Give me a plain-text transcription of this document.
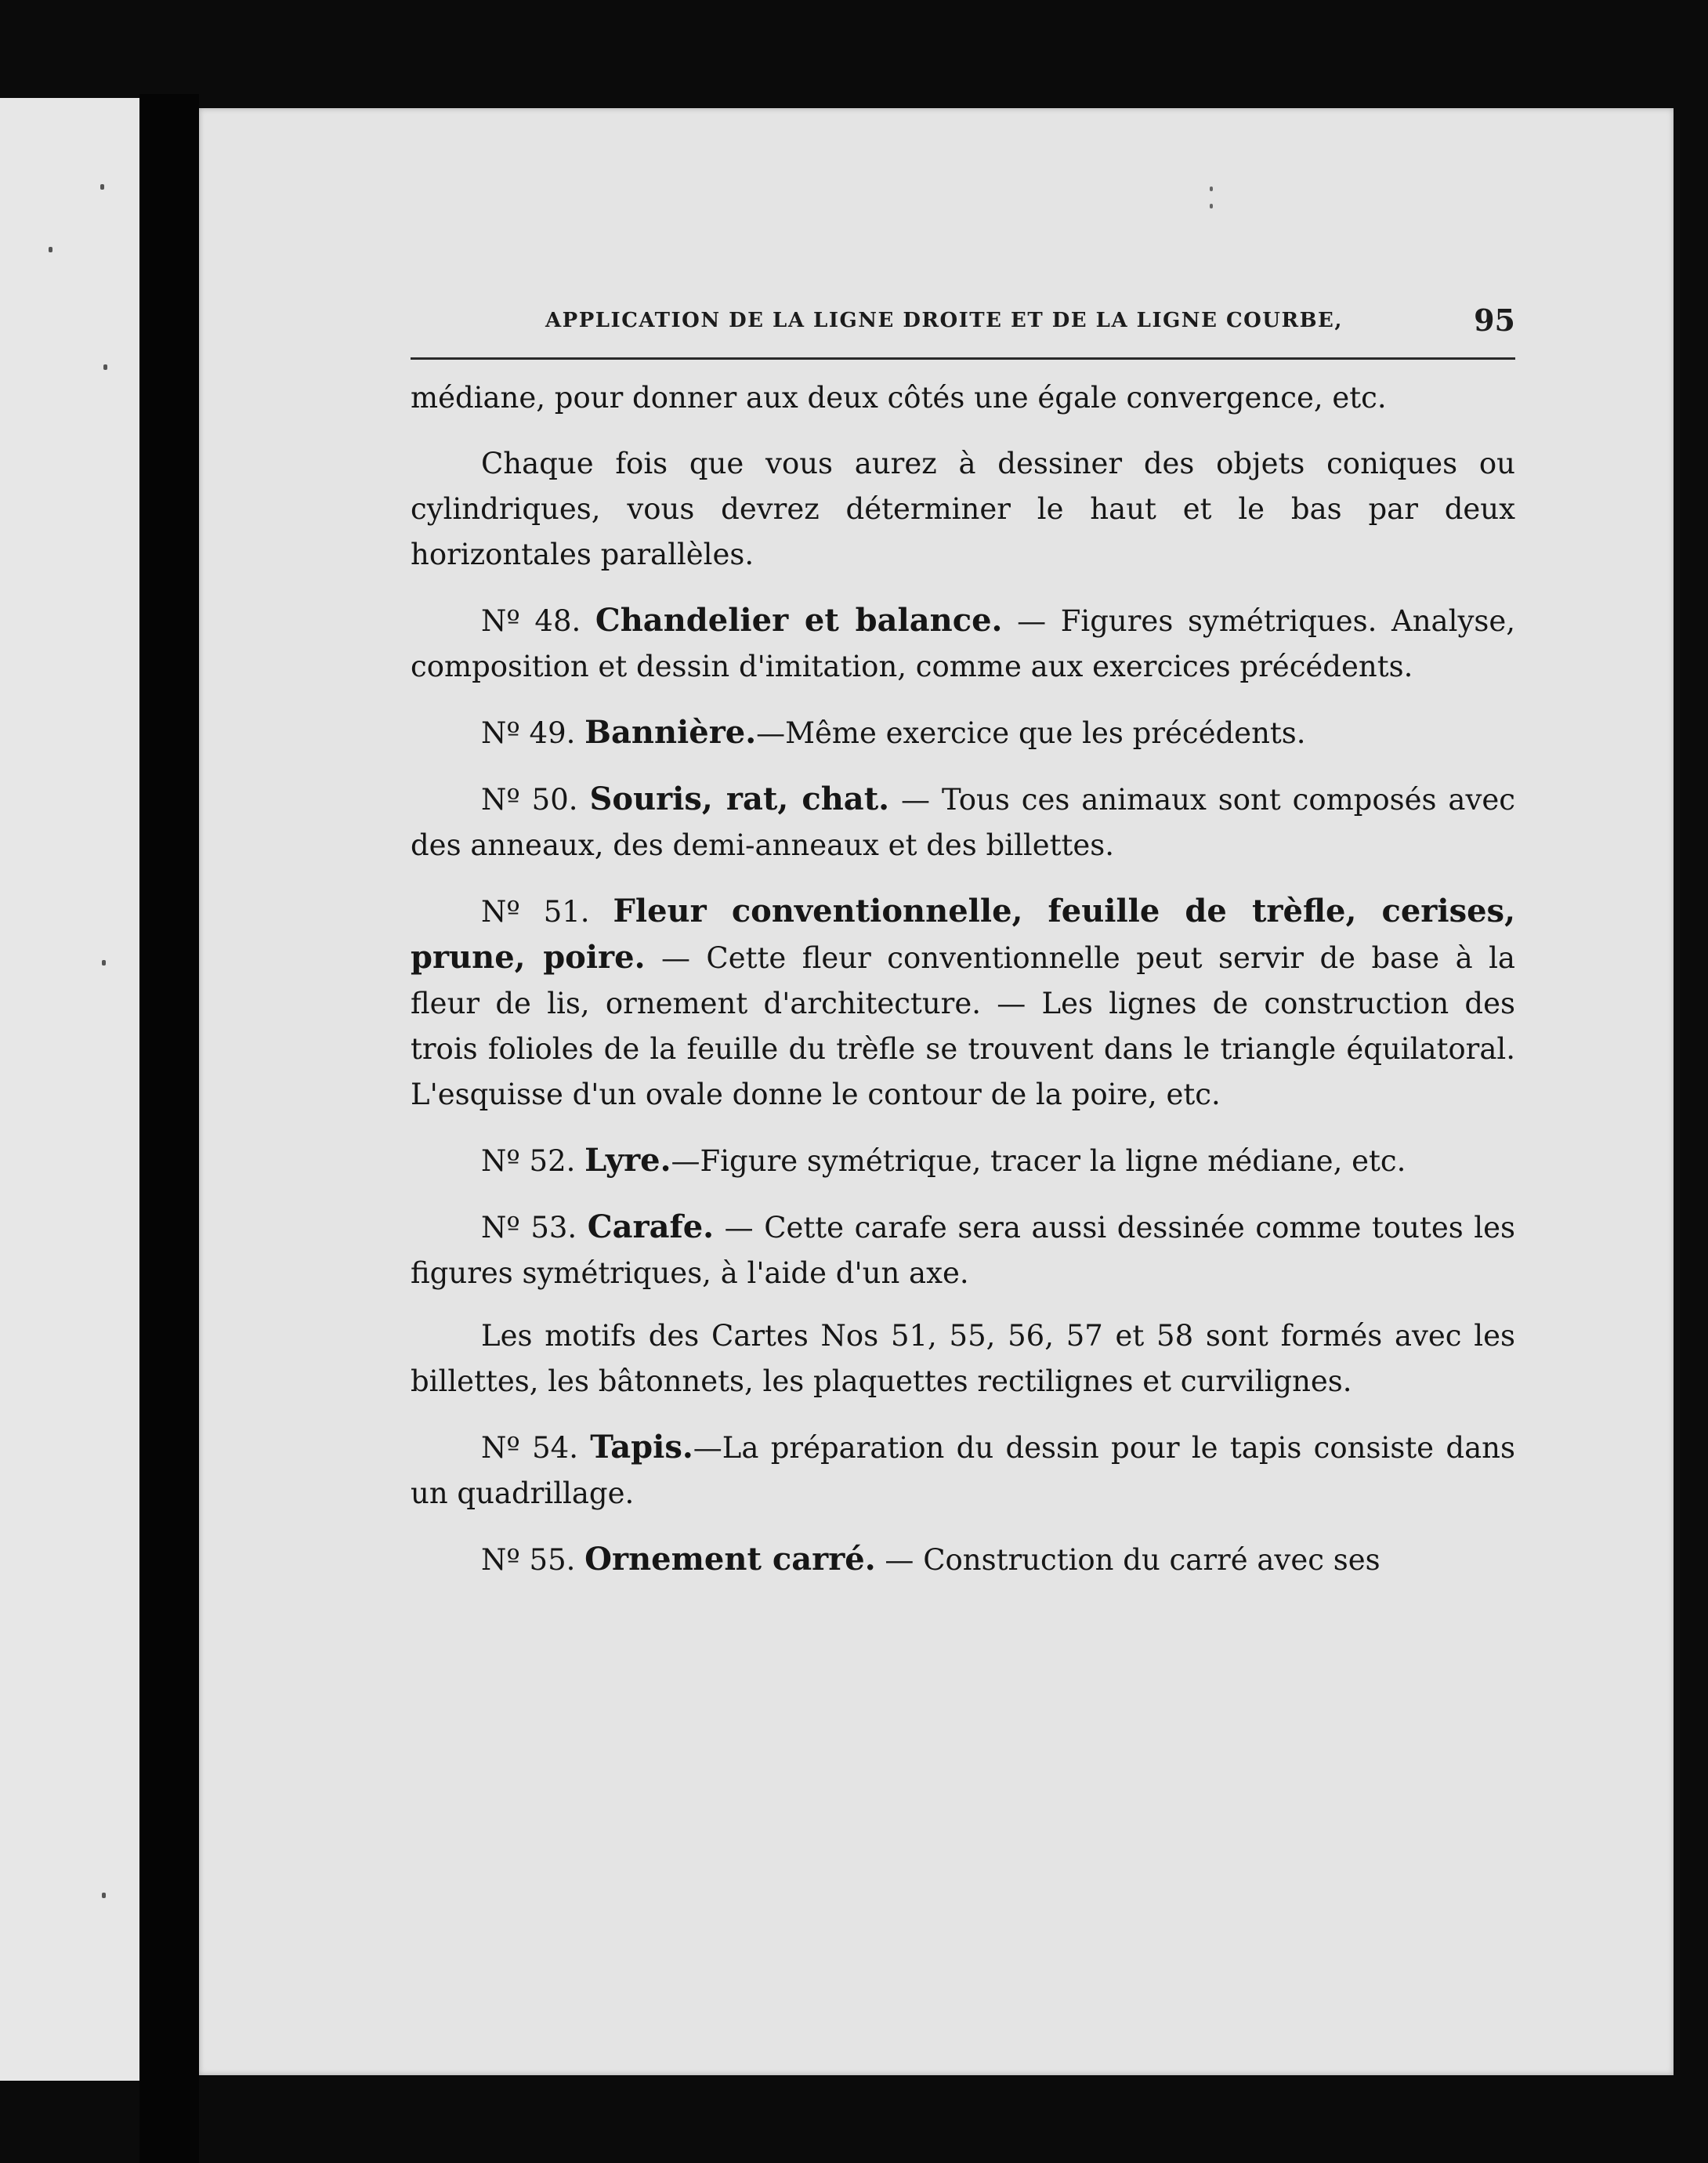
APPLICATION DE LA LIGNE DROITE ET DE LA LIGNE COURBE,	95

médiane, pour donner aux deux côtés une égale convergence, etc.

Chaque fois que vous aurez à dessiner des objets coniques ou cylindriques, vous devrez déterminer le haut et le bas par deux horizontales parallèles.

Nº 48. Chandelier et balance. — Figures symétriques. Analyse, composition et dessin d'imitation, comme aux exercices précédents.

Nº 49. Bannière.—Même exercice que les précédents.

Nº 50. Souris, rat, chat. — Tous ces animaux sont composés avec des anneaux, des demi-anneaux et des billettes.

Nº 51. Fleur conventionnelle, feuille de trèfle, cerises, prune, poire. — Cette fleur conventionnelle peut servir de base à la fleur de lis, ornement d'architecture. — Les lignes de construction des trois folioles de la feuille du trèfle se trouvent dans le triangle équilatoral. L'esquisse d'un ovale donne le contour de la poire, etc.

Nº 52. Lyre.—Figure symétrique, tracer la ligne médiane, etc.

Nº 53. Carafe. — Cette carafe sera aussi dessinée comme toutes les figures symétriques, à l'aide d'un axe.

Les motifs des Cartes Nos 51, 55, 56, 57 et 58 sont formés avec les billettes, les bâtonnets, les plaquettes rectilignes et curvilignes.

Nº 54. Tapis.—La préparation du dessin pour le tapis consiste dans un quadrillage.

Nº 55. Ornement carré. — Construction du carré avec ses
